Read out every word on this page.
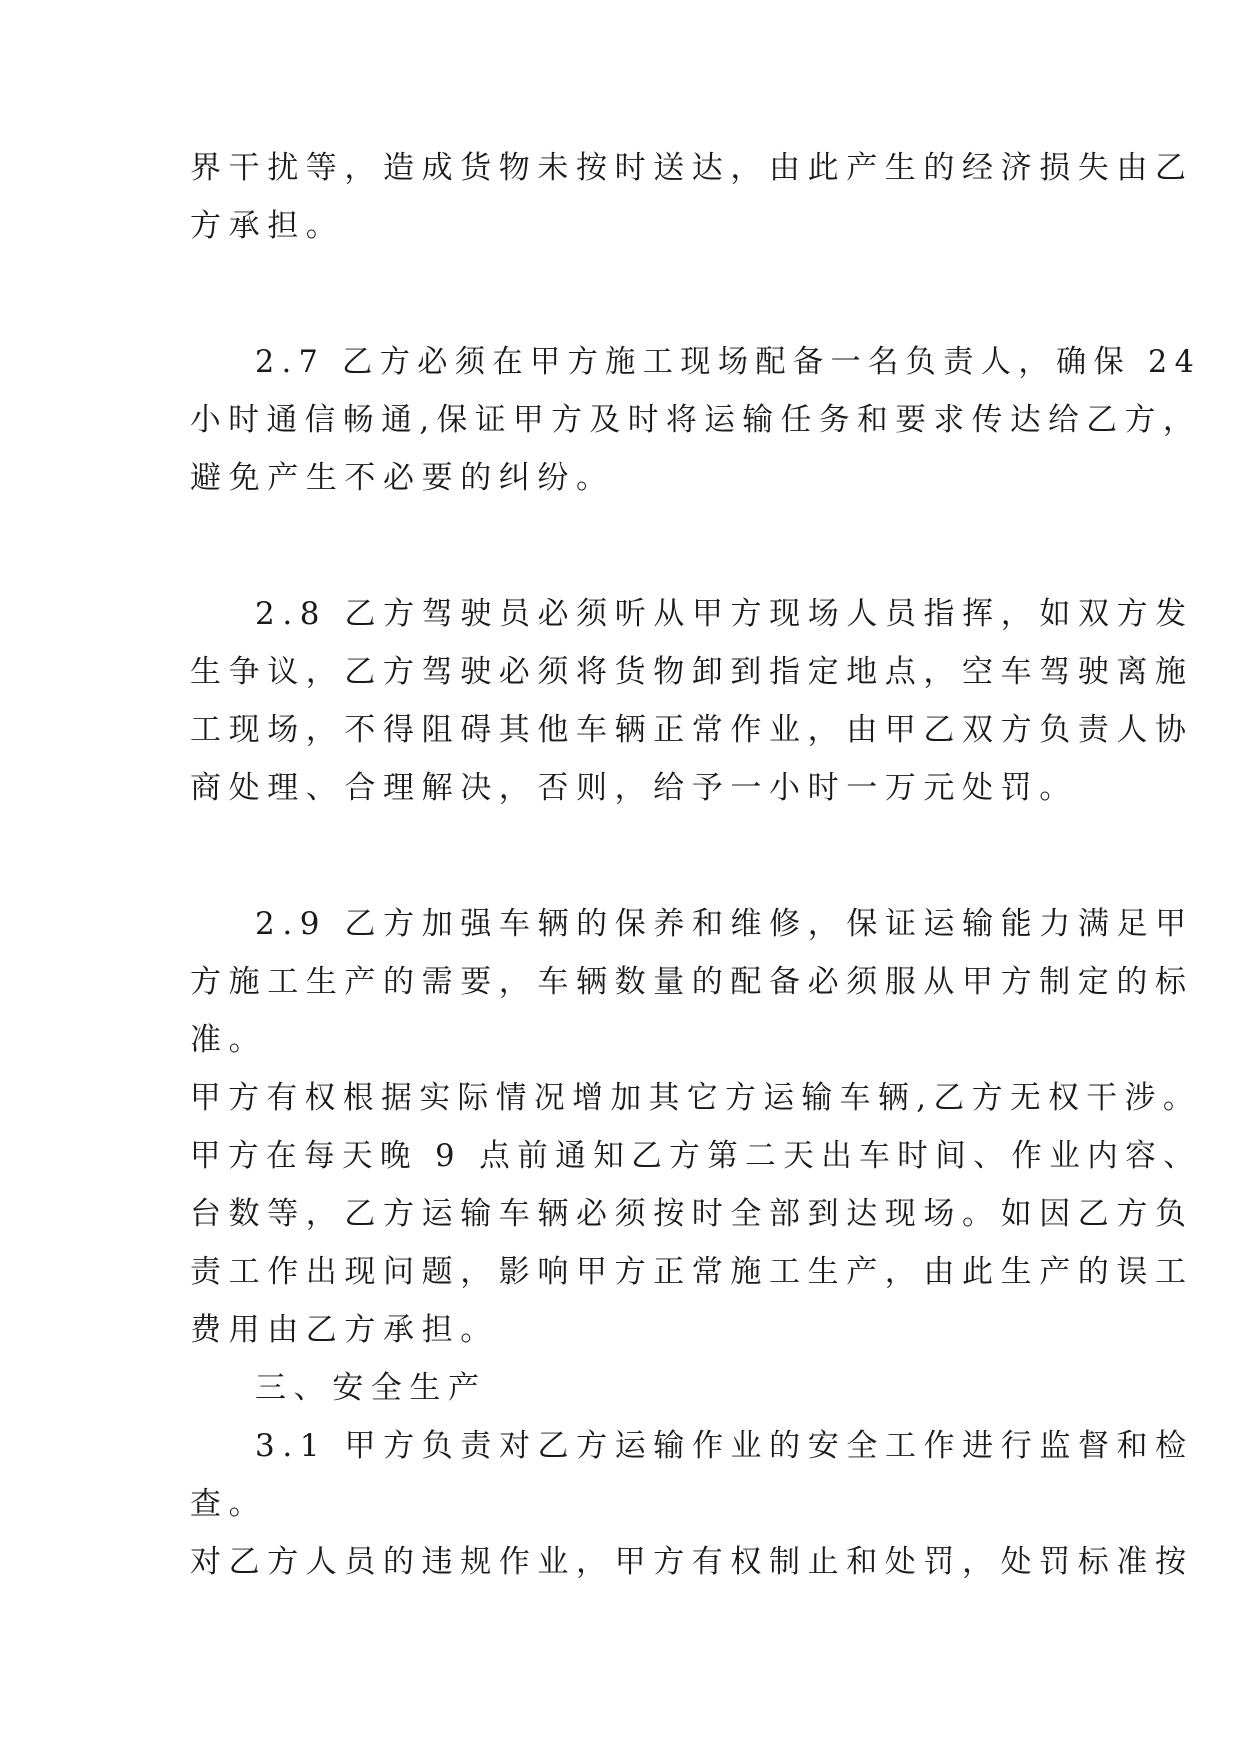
界干扰等，造成货物未按时送达，由此产生的经济损失由乙
方承担。
2.7 乙方必须在甲方施工现场配备一名负责人，确保 24
小时通信畅通,保证甲方及时将运输任务和要求传达给乙方，
避免产生不必要的纠纷。
2.8 乙方驾驶员必须听从甲方现场人员指挥，如双方发
生争议，乙方驾驶必须将货物卸到指定地点，空车驾驶离施
工现场，不得阻碍其他车辆正常作业，由甲乙双方负责人协
商处理、合理解决，否则，给予一小时一万元处罚。
2.9 乙方加强车辆的保养和维修，保证运输能力满足甲
方施工生产的需要，车辆数量的配备必须服从甲方制定的标
准。
甲方有权根据实际情况增加其它方运输车辆,乙方无权干涉。
甲方在每天晚 9 点前通知乙方第二天出车时间、作业内容、
台数等，乙方运输车辆必须按时全部到达现场。如因乙方负
责工作出现问题，影响甲方正常施工生产，由此生产的误工
费用由乙方承担。
三、安全生产
3.1 甲方负责对乙方运输作业的安全工作进行监督和检
查。
对乙方人员的违规作业，甲方有权制止和处罚，处罚标准按
